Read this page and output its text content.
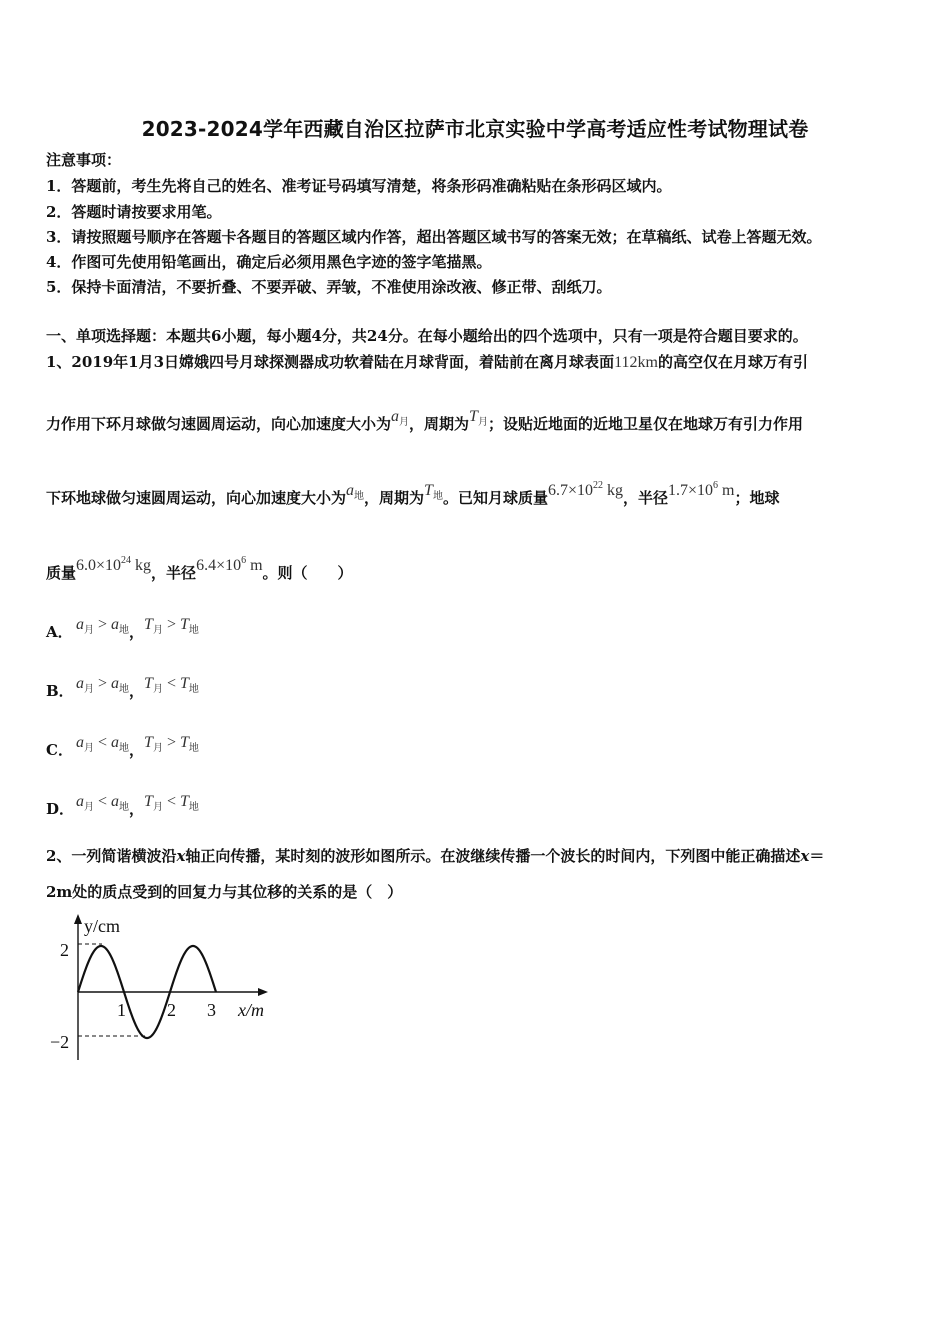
2023-2024学年西藏自治区拉萨市北京实验中学高考适应性考试物理试卷
注意事项：
1．答题前，考生先将自己的姓名、准考证号码填写清楚，将条形码准确粘贴在条形码区域内。
2．答题时请按要求用笔。
3．请按照题号顺序在答题卡各题目的答题区域内作答，超出答题区域书写的答案无效；在草稿纸、试卷上答题无效。
4．作图可先使用铅笔画出，确定后必须用黑色字迹的签字笔描黑。
5．保持卡面清洁，不要折叠、不要弄破、弄皱，不准使用涂改液、修正带、刮纸刀。
一、单项选择题：本题共6小题，每小题4分，共24分。在每小题给出的四个选项中，只有一项是符合题目要求的。
1、2019年1月3日嫦娥四号月球探测器成功软着陆在月球背面，着陆前在离月球表面112km的高空仅在月球万有引
力作用下环月球做匀速圆周运动，向心加速度大小为$a_月$，周期为$T_月$；设贴近地面的近地卫星仅在地球万有引力作用
下环地球做匀速圆周运动，向心加速度大小为$a_地$，周期为$T_地$。已知月球质量$6.7\times 10^{22}$ kg，半径$1.7\times 10^6$ m；地球
质量$6.0\times 10^{24}$ kg，半径$6.4\times 10^6$ m。则（　　）
A． $a_月 > a_地$，$T_月 > T_地$
B． $a_月 > a_地$，$T_月 < T_地$
C． $a_月 < a_地$，$T_月 > T_地$
D． $a_月 < a_地$，$T_月 < T_地$
2、一列简谐横波沿x轴正向传播，某时刻的波形如图所示。在波继续传播一个波长的时间内，下列图中能正确描述x＝
2m处的质点受到的回复力与其位移的关系的是（　）
y/cm
2
−2
1 2 3 x/m
